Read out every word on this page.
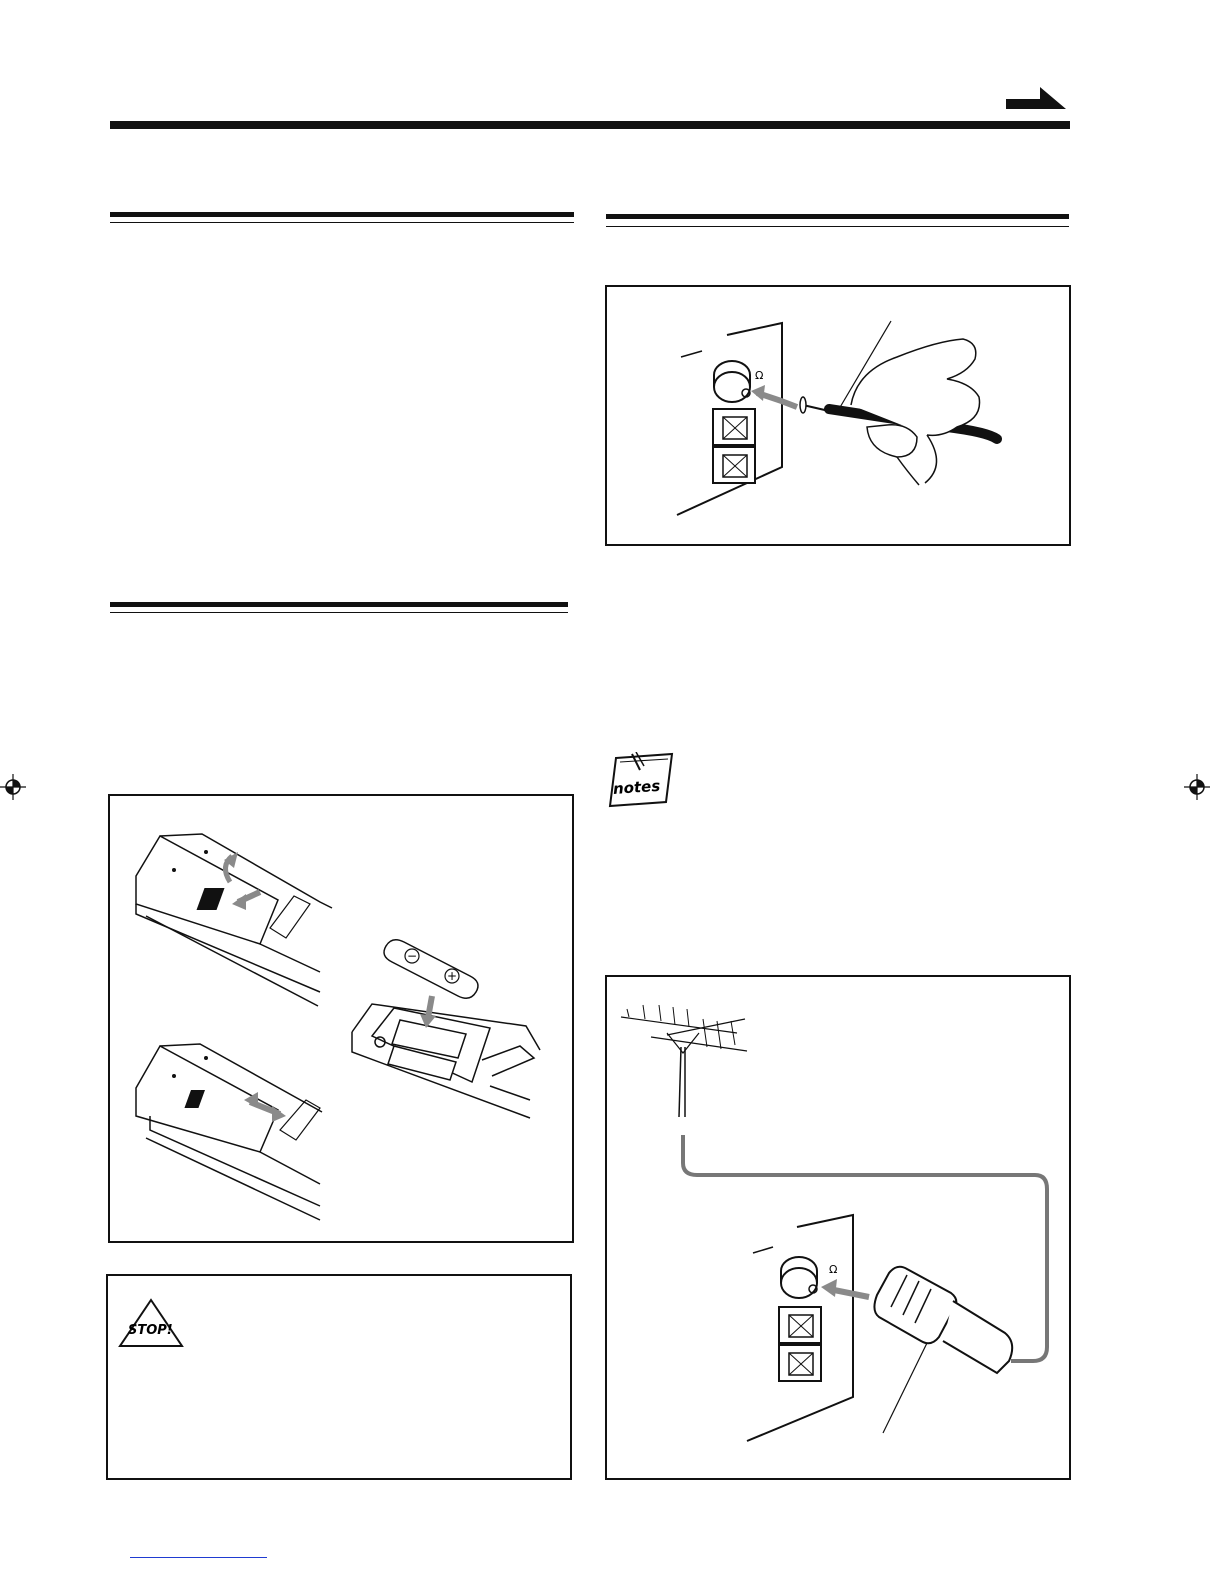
Ω
notes
Ω
−
+
STOP!
